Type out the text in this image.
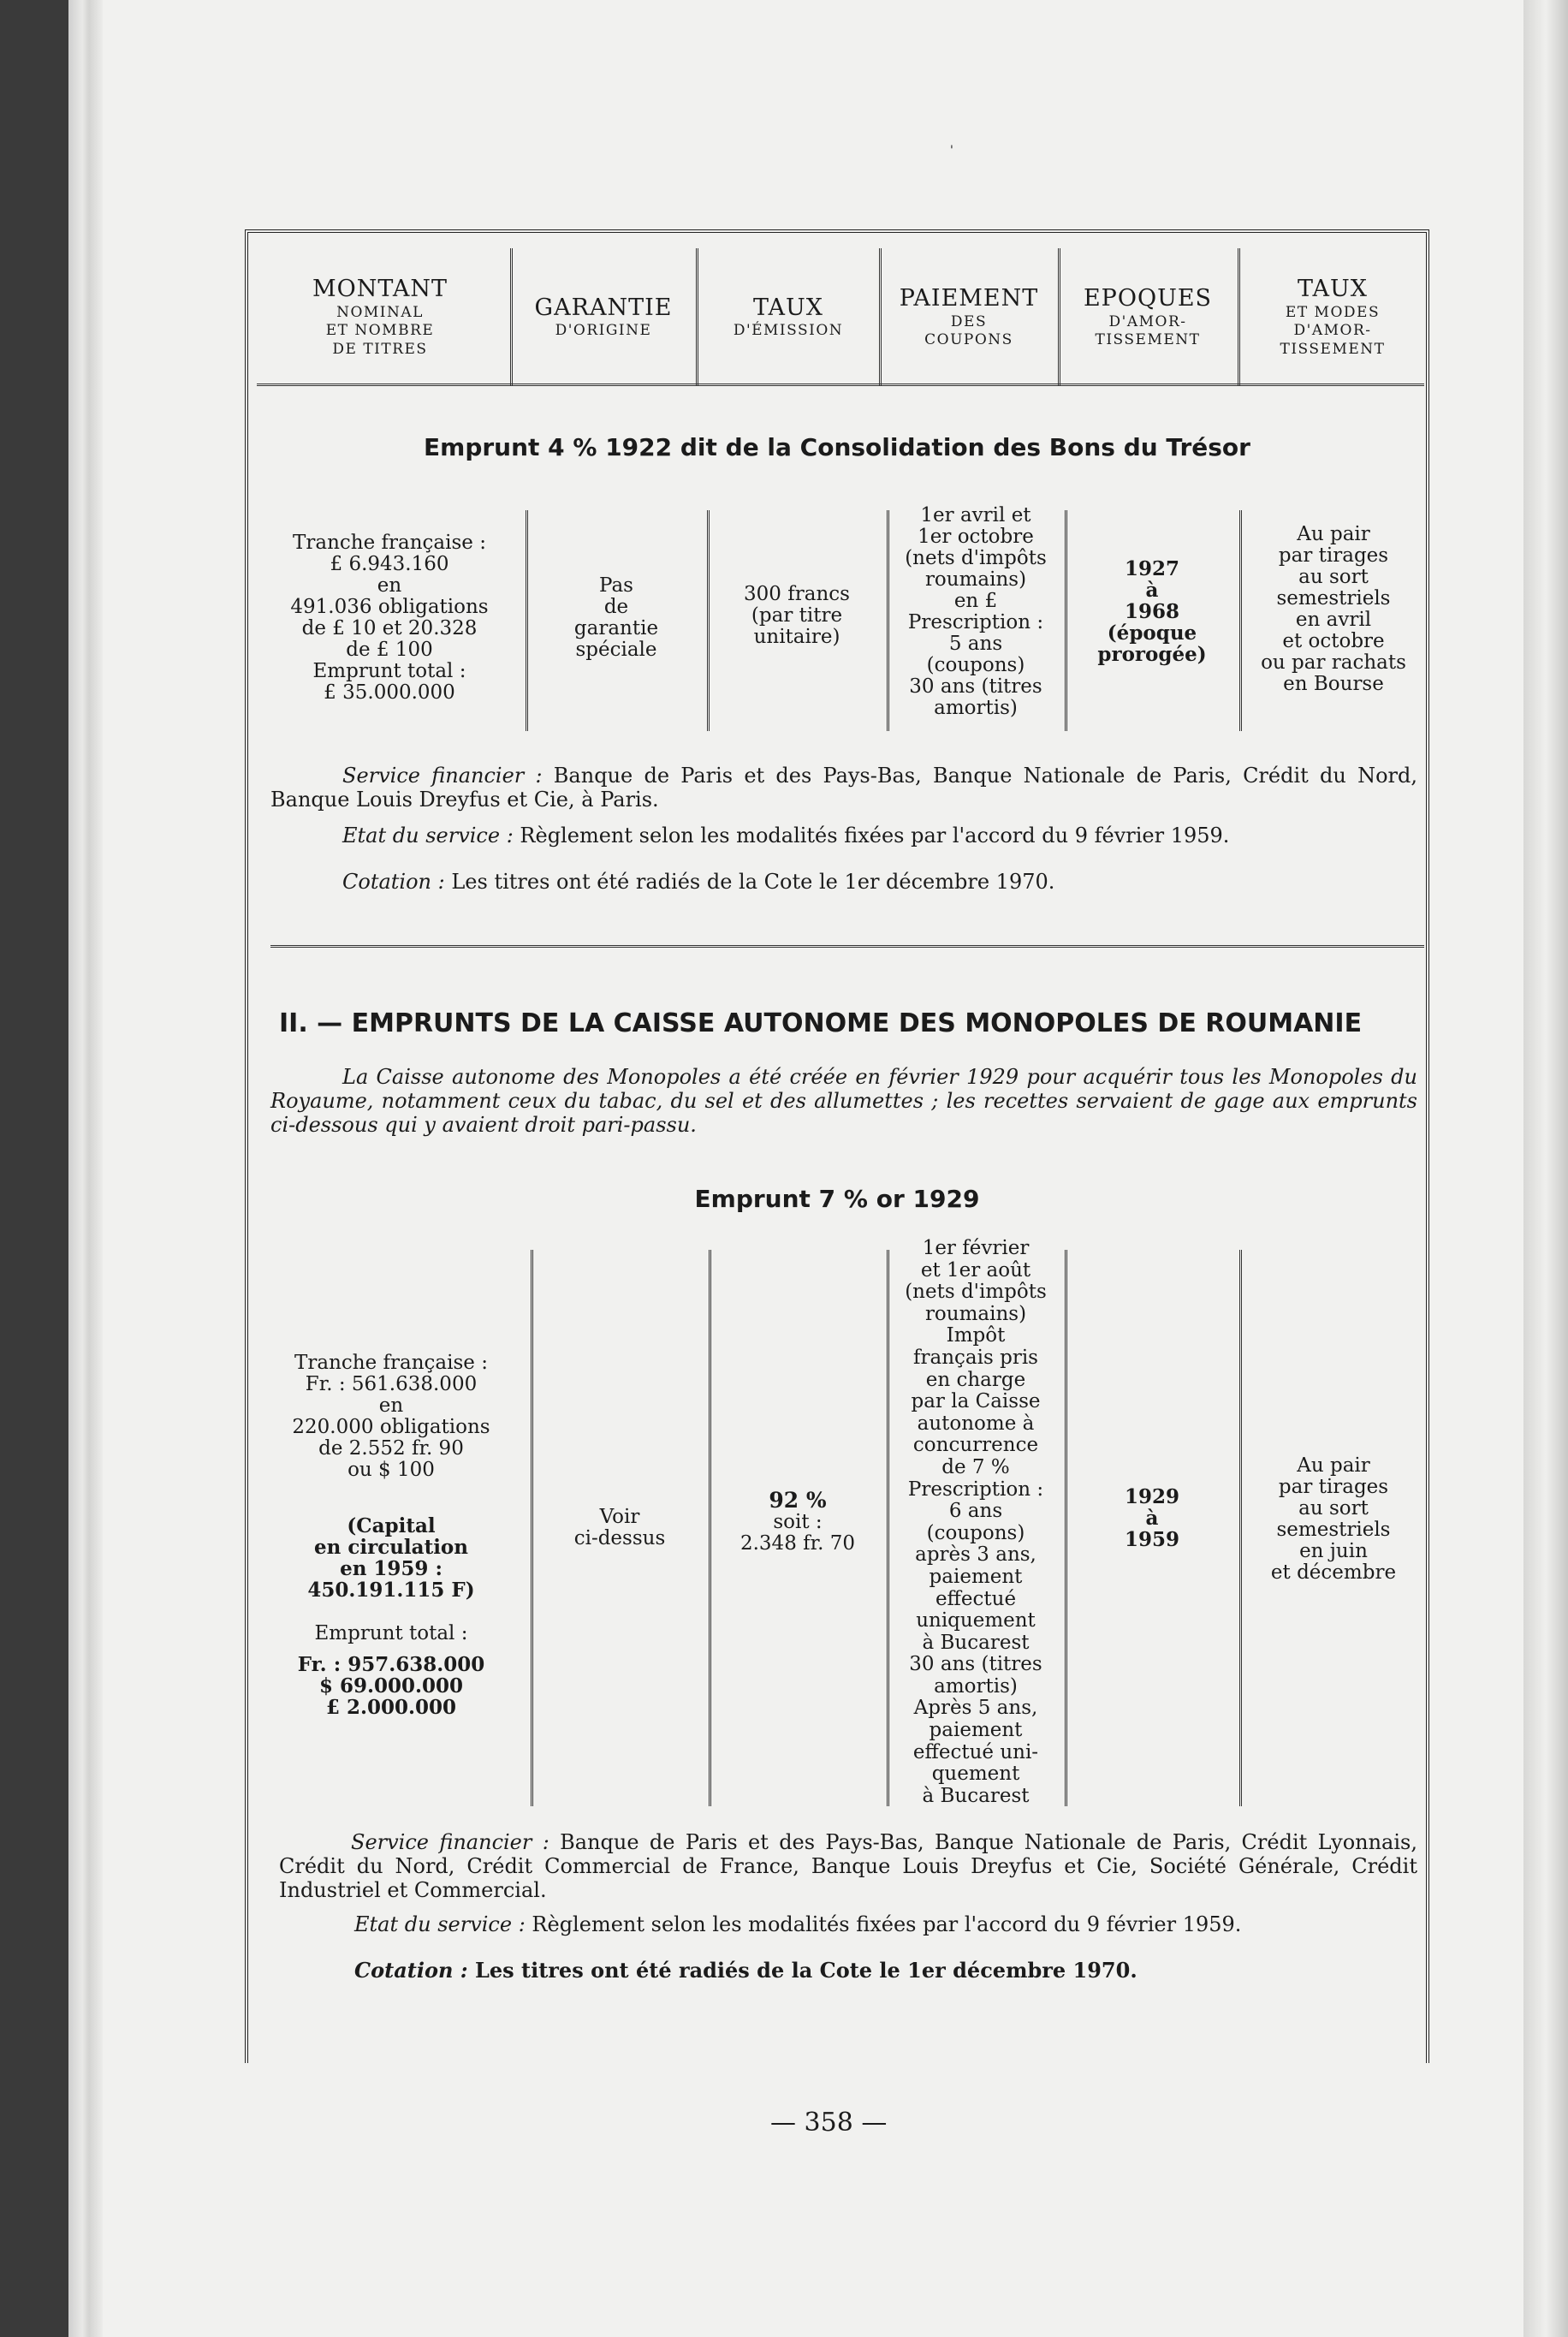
'
MONTANT
NOMINAL
ET NOMBRE
DE TITRES
GARANTIE
D'ORIGINE
TAUX
D'ÉMISSION
PAIEMENT
DES
COUPONS
EPOQUES
D'AMOR-
TISSEMENT
TAUX
ET MODES
D'AMOR-
TISSEMENT
Emprunt 4 % 1922 dit de la Consolidation des Bons du Trésor
Tranche française :
£ 6.943.160
en
491.036 obligations
de £ 10 et 20.328
de £ 100
Emprunt total :
£ 35.000.000
Pas
de
garantie
spéciale
300 francs
(par titre
unitaire)
1er avril et
1er octobre
(nets d'impôts
roumains)
en £
Prescription :
5 ans
(coupons)
30 ans (titres
amortis)
1927
à
1968
(époque
prorogée)
Au pair
par tirages
au sort
semestriels
en avril
et octobre
ou par rachats
en Bourse
Service financier : Banque de Paris et des Pays-Bas, Banque Nationale de Paris, Crédit du Nord, Banque Louis Dreyfus et Cie, à Paris.
Etat du service : Règlement selon les modalités fixées par l'accord du 9 février 1959.
Cotation : Les titres ont été radiés de la Cote le 1er décembre 1970.
II. — EMPRUNTS DE LA CAISSE AUTONOME DES MONOPOLES DE ROUMANIE
La Caisse autonome des Monopoles a été créée en février 1929 pour acquérir tous les Monopoles du Royaume, notamment ceux du tabac, du sel et des allumettes ; les recettes servaient de gage aux emprunts ci-dessous qui y avaient droit pari-passu.
Emprunt 7 % or 1929
Tranche française :
Fr. : 561.638.000
en
220.000 obligations
de 2.552 fr. 90
ou $ 100
(Capital
en circulation
en 1959 :
450.191.115 F)
Emprunt total :
Fr. : 957.638.000
$ 69.000.000
£ 2.000.000
Voir
ci-dessus
92 %
soit :
2.348 fr. 70
1er février
et 1er août
(nets d'impôts
roumains)
Impôt
français pris
en charge
par la Caisse
autonome à
concurrence
de 7 %
Prescription :
6 ans
(coupons)
après 3 ans,
paiement
effectué
uniquement
à Bucarest
30 ans (titres
amortis)
Après 5 ans,
paiement
effectué uni-
quement
à Bucarest
1929
à
1959
Au pair
par tirages
au sort
semestriels
en juin
et décembre
Service financier : Banque de Paris et des Pays-Bas, Banque Nationale de Paris, Crédit Lyonnais, Crédit du Nord, Crédit Commercial de France, Banque Louis Dreyfus et Cie, Société Générale, Crédit Industriel et Commercial.
Etat du service : Règlement selon les modalités fixées par l'accord du 9 février 1959.
Cotation : Les titres ont été radiés de la Cote le 1er décembre 1970.
— 358 —
